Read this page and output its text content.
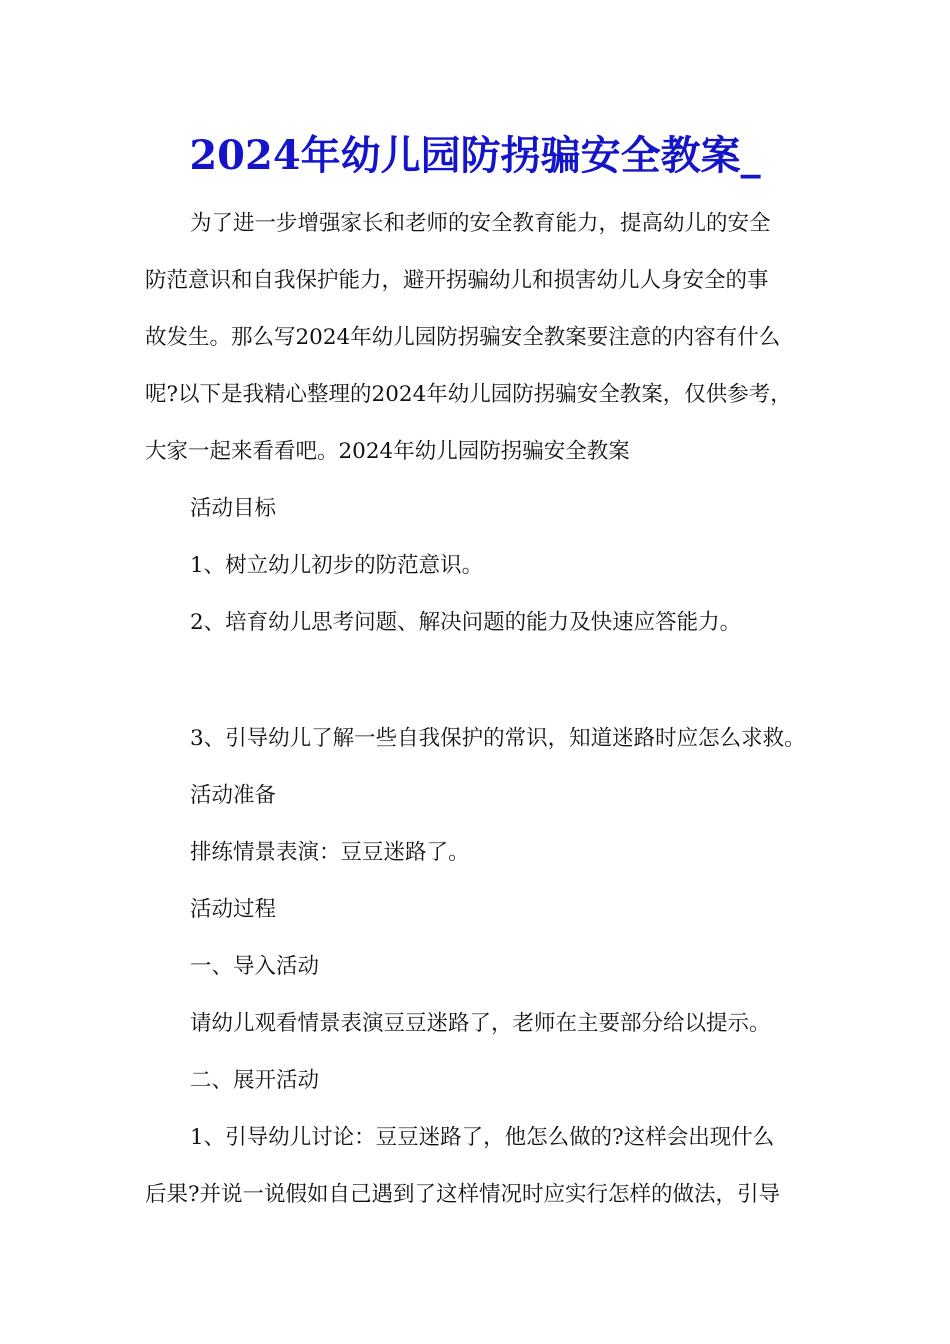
2024年幼儿园防拐骗安全教案_
为了进一步增强家长和老师的安全教育能力，提高幼儿的安全
防范意识和自我保护能力，避开拐骗幼儿和损害幼儿人身安全的事
故发生。那么写2024年幼儿园防拐骗安全教案要注意的内容有什么
呢?以下是我精心整理的2024年幼儿园防拐骗安全教案，仅供参考，
大家一起来看看吧。2024年幼儿园防拐骗安全教案
活动目标
1、树立幼儿初步的防范意识。
2、培育幼儿思考问题、解决问题的能力及快速应答能力。
3、引导幼儿了解一些自我保护的常识，知道迷路时应怎么求救。
活动准备
排练情景表演：豆豆迷路了。
活动过程
一、导入活动
请幼儿观看情景表演豆豆迷路了，老师在主要部分给以提示。
二、展开活动
1、引导幼儿讨论：豆豆迷路了，他怎么做的?这样会出现什么
后果?并说一说假如自己遇到了这样情况时应实行怎样的做法，引导
